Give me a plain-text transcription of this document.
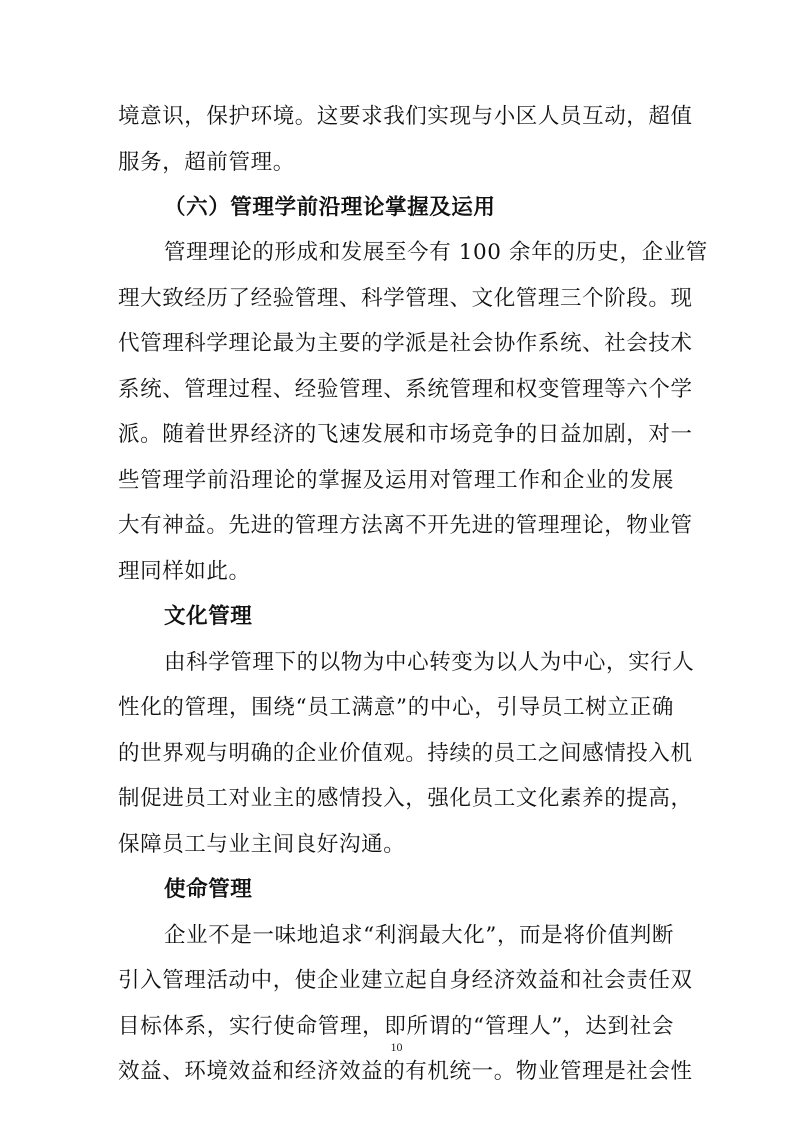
境意识，保护环境。这要求我们实现与小区人员互动，超值
服务，超前管理。
（六）管理学前沿理论掌握及运用
管理理论的形成和发展至今有 100 余年的历史，企业管
理大致经历了经验管理、科学管理、文化管理三个阶段。现
代管理科学理论最为主要的学派是社会协作系统、社会技术
系统、管理过程、经验管理、系统管理和权变管理等六个学
派。随着世界经济的飞速发展和市场竞争的日益加剧，对一
些管理学前沿理论的掌握及运用对管理工作和企业的发展
大有神益。先进的管理方法离不开先进的管理理论，物业管
理同样如此。
文化管理
由科学管理下的以物为中心转变为以人为中心，实行人
性化的管理，围绕“员工满意”的中心，引导员工树立正确
的世界观与明确的企业价值观。持续的员工之间感情投入机
制促进员工对业主的感情投入，强化员工文化素养的提高，
保障员工与业主间良好沟通。
使命管理
企业不是一味地追求“利润最大化”，而是将价值判断
引入管理活动中，使企业建立起自身经济效益和社会责任双
目标体系，实行使命管理，即所谓的“管理人”，达到社会
效益、环境效益和经济效益的有机统一。物业管理是社会性
10
